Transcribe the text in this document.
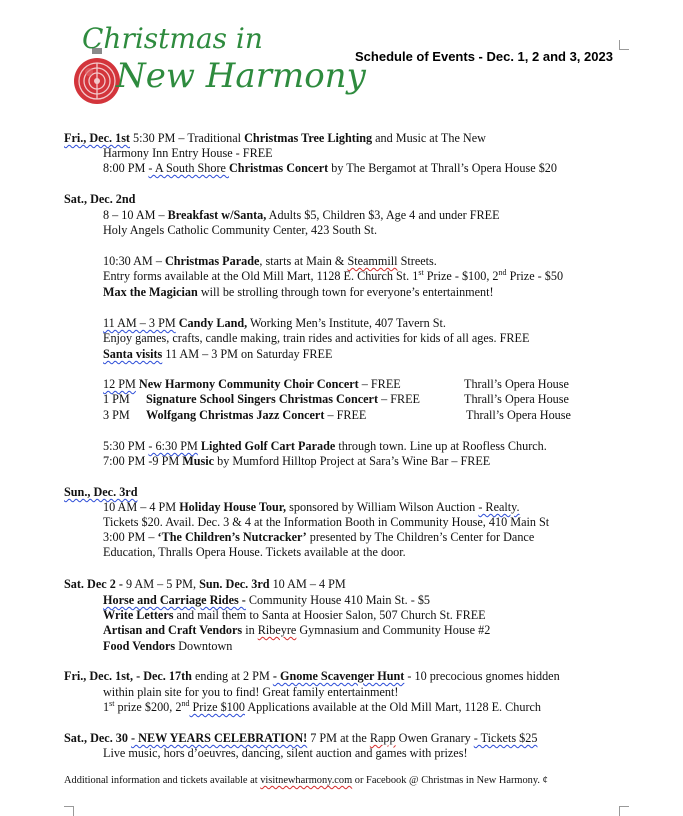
Christmas in
New Harmony
Schedule of Events - Dec. 1, 2 and 3, 2023
Fri., Dec. 1st 5:30 PM – Traditional Christmas Tree Lighting and Music at The New
Harmony Inn Entry House - FREE
8:00 PM - A South Shore Christmas Concert by The Bergamot at Thrall’s Opera House $20
Sat., Dec. 2nd
8 – 10 AM – Breakfast w/Santa, Adults $5, Children $3, Age 4 and under FREE
Holy Angels Catholic Community Center, 423 South St.
10:30 AM – Christmas Parade, starts at Main & Steammill Streets.
Entry forms available at the Old Mill Mart, 1128 E. Church St. 1st Prize - $100, 2nd Prize - $50
Max the Magician will be strolling through town for everyone’s entertainment!
11 AM – 3 PM Candy Land, Working Men’s Institute, 407 Tavern St.
Enjoy games, crafts, candle making, train rides and activities for kids of all ages. FREE
Santa visits 11 AM – 3 PM on Saturday FREE
12 PM New Harmony Community Choir Concert – FREE	Thrall’s Opera House
1 PM Signature School Singers Christmas Concert – FREE	Thrall’s Opera House
3 PM Wolfgang Christmas Jazz Concert – FREE	Thrall’s Opera House
5:30 PM - 6:30 PM Lighted Golf Cart Parade through town. Line up at Roofless Church.
7:00 PM -9 PM Music by Mumford Hilltop Project at Sara’s Wine Bar – FREE
Sun., Dec. 3rd
10 AM – 4 PM Holiday House Tour, sponsored by William Wilson Auction - Realty.
Tickets $20. Avail. Dec. 3 & 4 at the Information Booth in Community House, 410 Main St
3:00 PM – ‘The Children’s Nutcracker’ presented by The Children’s Center for Dance
Education, Thralls Opera House. Tickets available at the door.
Sat. Dec 2 - 9 AM – 5 PM, Sun. Dec. 3rd 10 AM – 4 PM
Horse and Carriage Rides - Community House 410 Main St. - $5
Write Letters and mail them to Santa at Hoosier Salon, 507 Church St. FREE
Artisan and Craft Vendors in Ribeyre Gymnasium and Community House #2
Food Vendors Downtown
Fri., Dec. 1st, - Dec. 17th ending at 2 PM - Gnome Scavenger Hunt - 10 precocious gnomes hidden
within plain site for you to find! Great family entertainment!
1st prize $200, 2nd Prize $100 Applications available at the Old Mill Mart, 1128 E. Church
Sat., Dec. 30 - NEW YEARS CELEBRATION! 7 PM at the Rapp Owen Granary - Tickets $25
Live music, hors d’oeuvres, dancing, silent auction and games with prizes!
Additional information and tickets available at visitnewharmony.com or Facebook @ Christmas in New Harmony. ¢
